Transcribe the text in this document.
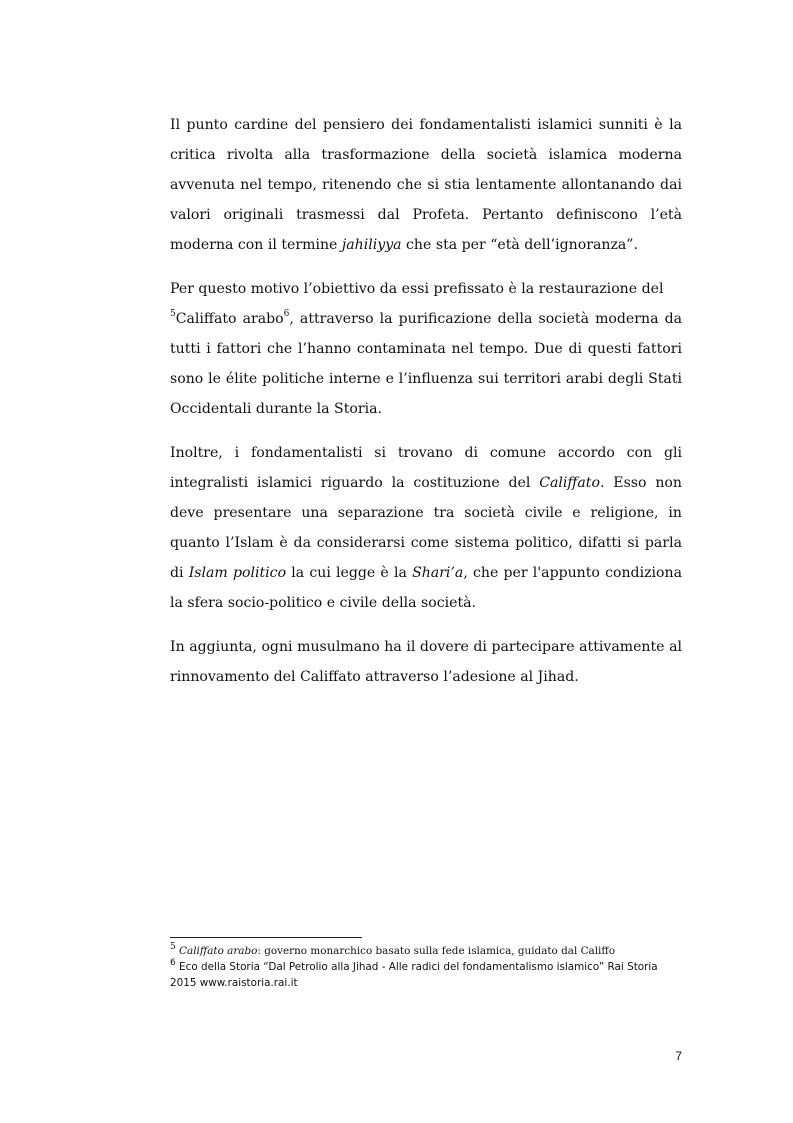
Il punto cardine del pensiero dei fondamentalisti islamici sunniti è la critica rivolta alla trasformazione della società islamica moderna avvenuta nel tempo, ritenendo che si stia lentamente allontanando dai valori originali trasmessi dal Profeta. Pertanto definiscono l’età moderna con il termine jahiliyya che sta per “età dell’ignoranza”.

Per questo motivo l’obiettivo da essi prefissato è la restaurazione del
$^5$Califfato arabo$^6$, attraverso la purificazione della società moderna da tutti i fattori che l’hanno contaminata nel tempo. Due di questi fattori sono le élite politiche interne e l’influenza sui territori arabi degli Stati Occidentali durante la Storia.

Inoltre, i fondamentalisti si trovano di comune accordo con gli integralisti islamici riguardo la costituzione del Califfato. Esso non deve presentare una separazione tra società civile e religione, in quanto l’Islam è da considerarsi come sistema politico, difatti si parla di Islam politico la cui legge è la Shari’a, che per l'appunto condiziona la sfera socio-politico e civile della società.

In aggiunta, ogni musulmano ha il dovere di partecipare attivamente al rinnovamento del Califfato attraverso l’adesione al Jihad.

$^5$ Califfato arabo: governo monarchico basato sulla fede islamica, guidato dal Califfo

$^6$ Eco della Storia “Dal Petrolio alla Jihad - Alle radici del fondamentalismo islamico” Rai Storia 2015 www.raistoria.rai.it

7
